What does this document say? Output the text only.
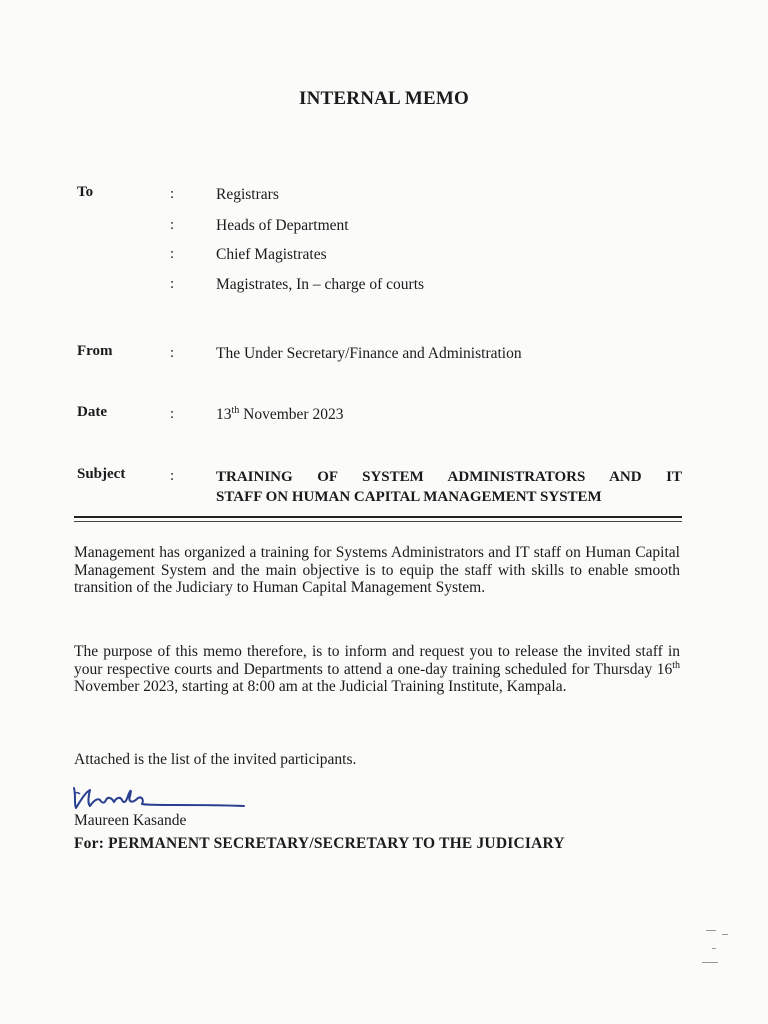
INTERNAL MEMO
To	:	Registrars
:	Heads of Department
:	Chief Magistrates
:	Magistrates, In – charge of courts
From	:	The Under Secretary/Finance and Administration
Date	:	13th November 2023
Subject	:	TRAINING OF SYSTEM ADMINISTRATORS AND IT
STAFF ON HUMAN CAPITAL MANAGEMENT SYSTEM
Management has organized a training for Systems Administrators and IT staff on Human Capital Management System and the main objective is to equip the staff with skills to enable smooth transition of the Judiciary to Human Capital Management System.
The purpose of this memo therefore, is to inform and request you to release the invited staff in your respective courts and Departments to attend a one-day training scheduled for Thursday 16th November 2023, starting at 8:00 am at the Judicial Training Institute, Kampala.
Attached is the list of the invited participants.
Maureen Kasande
For: PERMANENT SECRETARY/SECRETARY TO THE JUDICIARY
